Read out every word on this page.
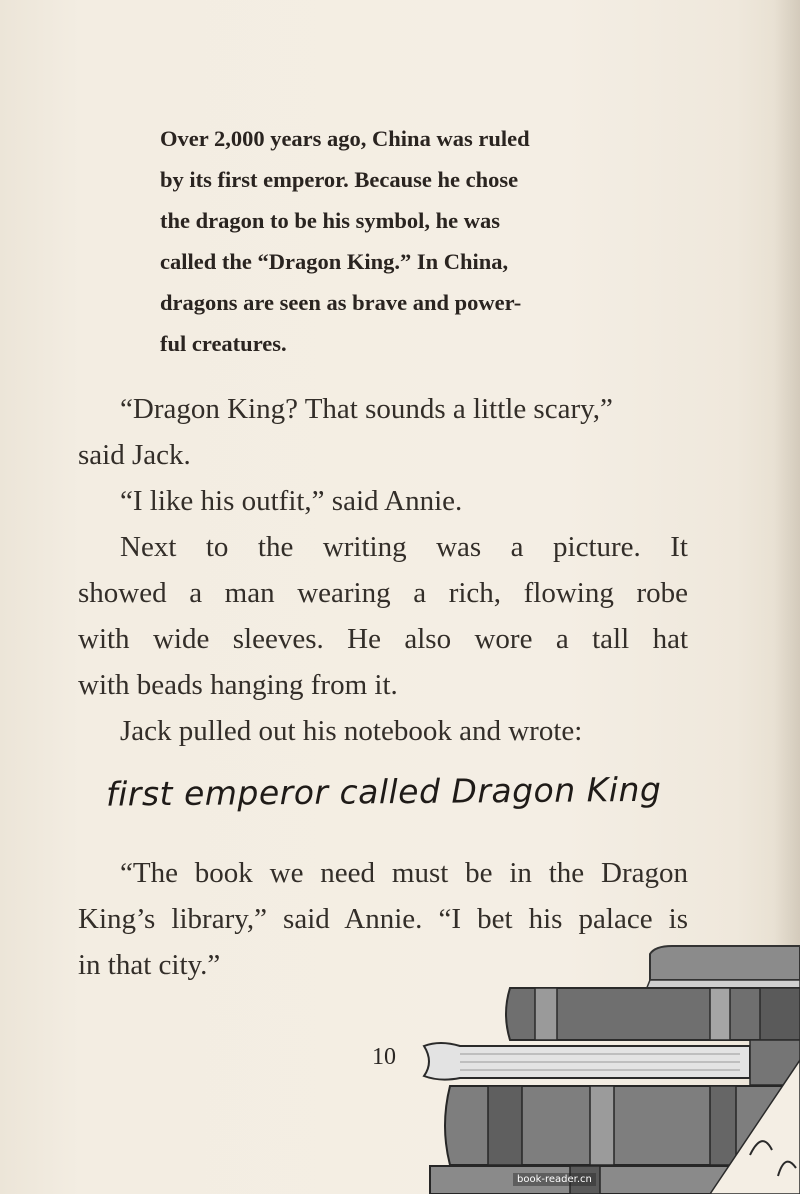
Over 2,000 years ago, China was ruled
by its first emperor. Because he chose
the dragon to be his symbol, he was
called the “Dragon King.” In China,
dragons are seen as brave and power-
ful creatures.
“Dragon King? That sounds a little scary,”
said Jack.
“I like his outfit,” said Annie.
Next to the writing was a picture. It
showed a man wearing a rich, flowing robe
with wide sleeves. He also wore a tall hat
with beads hanging from it.
Jack pulled out his notebook and wrote:
first emperor called Dragon King
“The book we need must be in the Dragon
King’s library,” said Annie. “I bet his palace is
in that city.”
10
book-reader.cn
